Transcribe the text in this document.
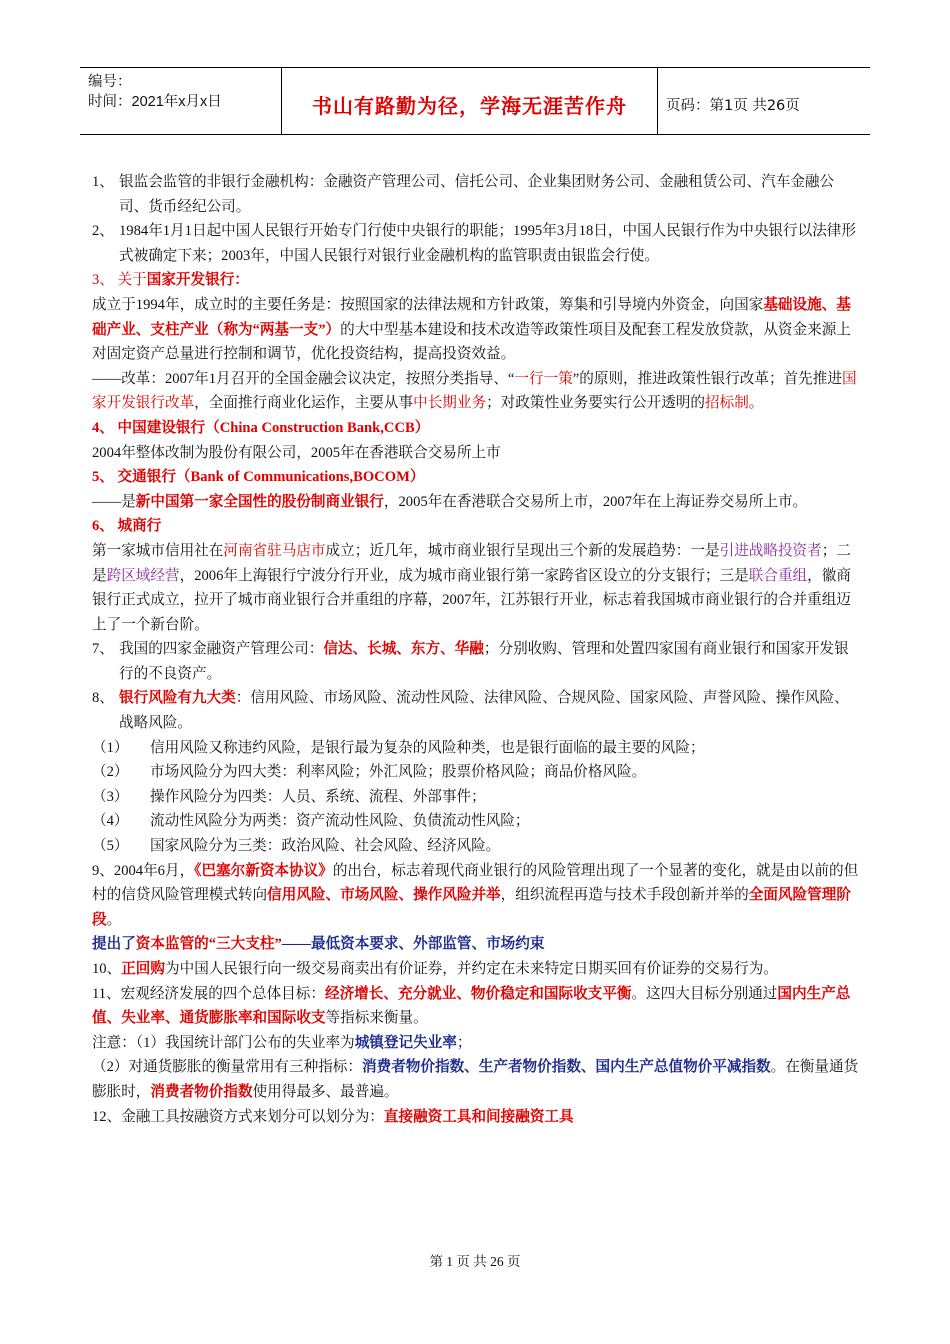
编号：
时间：2021年x月x日	书山有路勤为径，学海无涯苦作舟	页码：第1页 共26页
1、 银监会监管的非银行金融机构：金融资产管理公司、信托公司、企业集团财务公司、金融租赁公司、汽车金融公司、货币经纪公司。
2、 1984年1月1日起中国人民银行开始专门行使中央银行的职能；1995年3月18日，中国人民银行作为中央银行以法律形式被确定下来；2003年，中国人民银行对银行业金融机构的监管职责由银监会行使。

3、 关于国家开发银行：

成立于1994年，成立时的主要任务是：按照国家的法律法规和方针政策，筹集和引导境内外资金，向国家基础设施、基础产业、支柱产业（称为“两基一支”）的大中型基本建设和技术改造等政策性项目及配套工程发放贷款，从资金来源上对固定资产总量进行控制和调节，优化投资结构，提高投资效益。

——改革：2007年1月召开的全国金融会议决定，按照分类指导、“一行一策”的原则，推进政策性银行改革；首先推进国家开发银行改革，全面推行商业化运作，主要从事中长期业务；对政策性业务要实行公开透明的招标制。

4、 中国建设银行（China Construction Bank,CCB）

2004年整体改制为股份有限公司，2005年在香港联合交易所上市

5、 交通银行（Bank of Communications,BOCOM）

——是新中国第一家全国性的股份制商业银行，2005年在香港联合交易所上市，2007年在上海证券交易所上市。

6、 城商行

第一家城市信用社在河南省驻马店市成立；近几年，城市商业银行呈现出三个新的发展趋势：一是引进战略投资者；二是跨区域经营，2006年上海银行宁波分行开业，成为城市商业银行第一家跨省区设立的分支银行；三是联合重组，徽商银行正式成立，拉开了城市商业银行合并重组的序幕，2007年，江苏银行开业，标志着我国城市商业银行的合并重组迈上了一个新台阶。

7、 我国的四家金融资产管理公司：信达、长城、东方、华融；分别收购、管理和处置四家国有商业银行和国家开发银行的不良资产。
8、 银行风险有九大类：信用风险、市场风险、流动性风险、法律风险、合规风险、国家风险、声誉风险、操作风险、战略风险。
（1）	信用风险又称违约风险，是银行最为复杂的风险种类，也是银行面临的最主要的风险；
（2）	市场风险分为四大类：利率风险；外汇风险；股票价格风险；商品价格风险。
（3）	操作风险分为四类：人员、系统、流程、外部事件；
（4）	流动性风险分为两类：资产流动性风险、负债流动性风险；
（5）	国家风险分为三类：政治风险、社会风险、经济风险。

9、2004年6月，《巴塞尔新资本协议》的出台，标志着现代商业银行的风险管理出现了一个显著的变化，就是由以前的但村的信贷风险管理模式转向信用风险、市场风险、操作风险并举，组织流程再造与技术手段创新并举的全面风险管理阶段。

提出了资本监管的“三大支柱”——最低资本要求、外部监管、市场约束

10、正回购为中国人民银行向一级交易商卖出有价证券，并约定在未来特定日期买回有价证券的交易行为。

11、宏观经济发展的四个总体目标：经济增长、充分就业、物价稳定和国际收支平衡。这四大目标分别通过国内生产总值、失业率、通货膨胀率和国际收支等指标来衡量。

注意：（1）我国统计部门公布的失业率为城镇登记失业率；

（2）对通货膨胀的衡量常用有三种指标：消费者物价指数、生产者物价指数、国内生产总值物价平减指数。在衡量通货膨胀时，消费者物价指数使用得最多、最普遍。

12、金融工具按融资方式来划分可以划分为：直接融资工具和间接融资工具

第 1 页 共 26 页
